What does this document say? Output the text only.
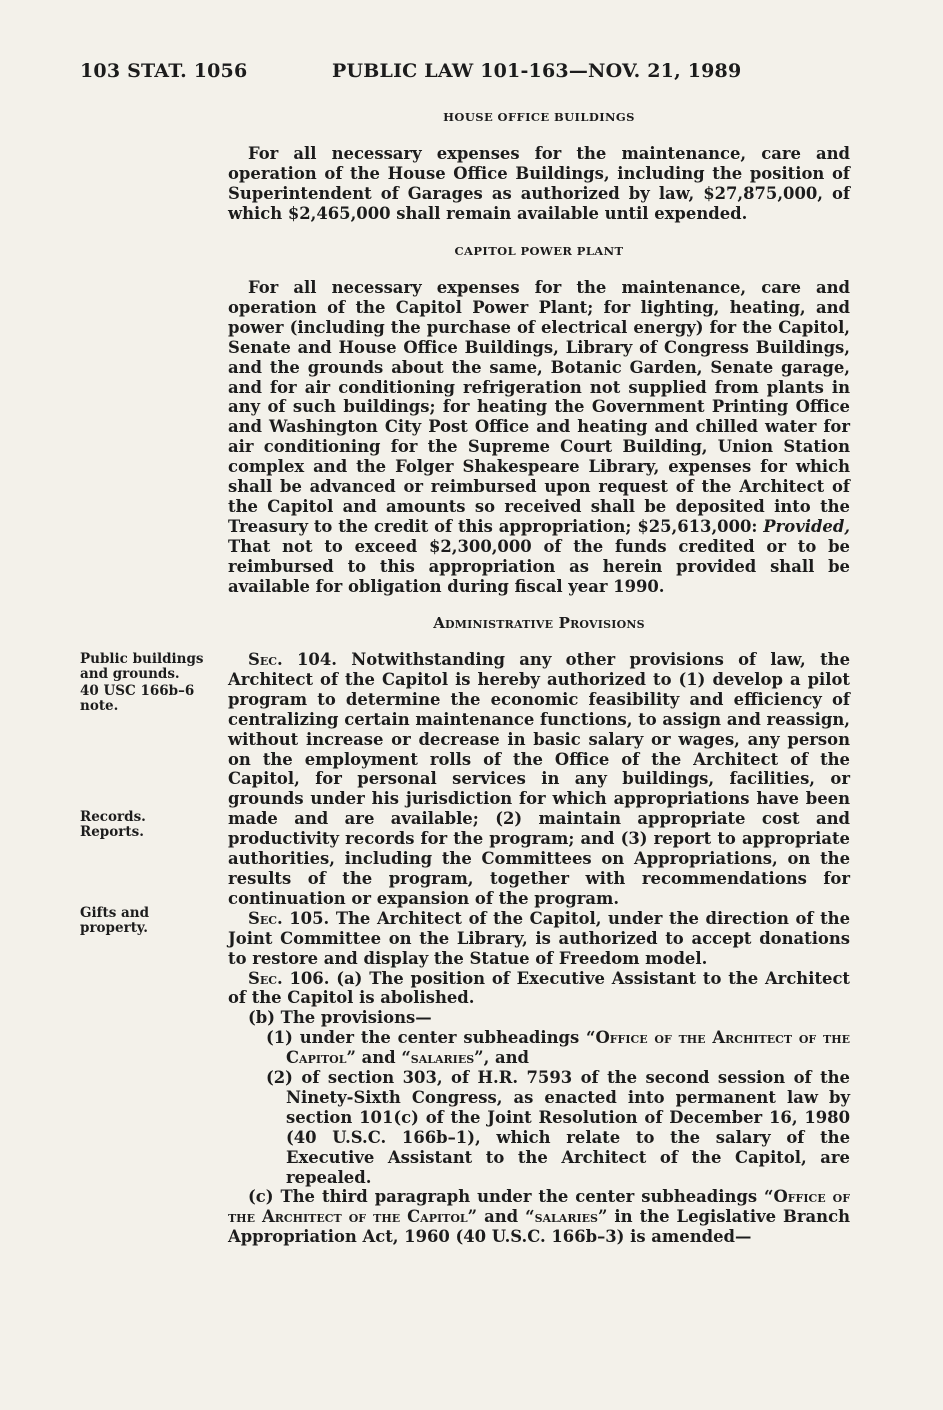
103 STAT. 1056	PUBLIC LAW 101-163—NOV. 21, 1989
HOUSE OFFICE BUILDINGS

For all necessary expenses for the maintenance, care and operation of the House Office Buildings, including the position of Superintendent of Garages as authorized by law, $27,875,000, of which $2,465,000 shall remain available until expended.

CAPITOL POWER PLANT

For all necessary expenses for the maintenance, care and operation of the Capitol Power Plant; for lighting, heating, and power (including the purchase of electrical energy) for the Capitol, Senate and House Office Buildings, Library of Congress Buildings, and the grounds about the same, Botanic Garden, Senate garage, and for air conditioning refrigeration not supplied from plants in any of such buildings; for heating the Government Printing Office and Washington City Post Office and heating and chilled water for air conditioning for the Supreme Court Building, Union Station complex and the Folger Shakespeare Library, expenses for which shall be advanced or reimbursed upon request of the Architect of the Capitol and amounts so received shall be deposited into the Treasury to the credit of this appropriation; $25,613,000: Provided, That not to exceed $2,300,000 of the funds credited or to be reimbursed to this appropriation as herein provided shall be available for obligation during fiscal year 1990.

Administrative Provisions

Sec. 104. Notwithstanding any other provisions of law, the Architect of the Capitol is hereby authorized to (1) develop a pilot program to determine the economic feasibility and efficiency of centralizing certain maintenance functions, to assign and reassign, without increase or decrease in basic salary or wages, any person on the employment rolls of the Office of the Architect of the Capitol, for personal services in any buildings, facilities, or grounds under his jurisdiction for which appropriations have been made and are available; (2) maintain appropriate cost and productivity records for the program; and (3) report to appropriate authorities, including the Committees on Appropriations, on the results of the program, together with recommendations for continuation or expansion of the program.

Sec. 105. The Architect of the Capitol, under the direction of the Joint Committee on the Library, is authorized to accept donations to restore and display the Statue of Freedom model.

Sec. 106. (a) The position of Executive Assistant to the Architect of the Capitol is abolished.

(b) The provisions—

(1) under the center subheadings “Office of the Architect of the Capitol” and “salaries”, and

(2) of section 303, of H.R. 7593 of the second session of the Ninety-Sixth Congress, as enacted into permanent law by section 101(c) of the Joint Resolution of December 16, 1980 (40 U.S.C. 166b–1), which relate to the salary of the Executive Assistant to the Architect of the Capitol, are repealed.

(c) The third paragraph under the center subheadings “Office of the Architect of the Capitol” and “salaries” in the Legislative Branch Appropriation Act, 1960 (40 U.S.C. 166b–3) is amended—

Public buildings and grounds.
40 USC 166b–6 note.
Records. Reports.
Gifts and property.
